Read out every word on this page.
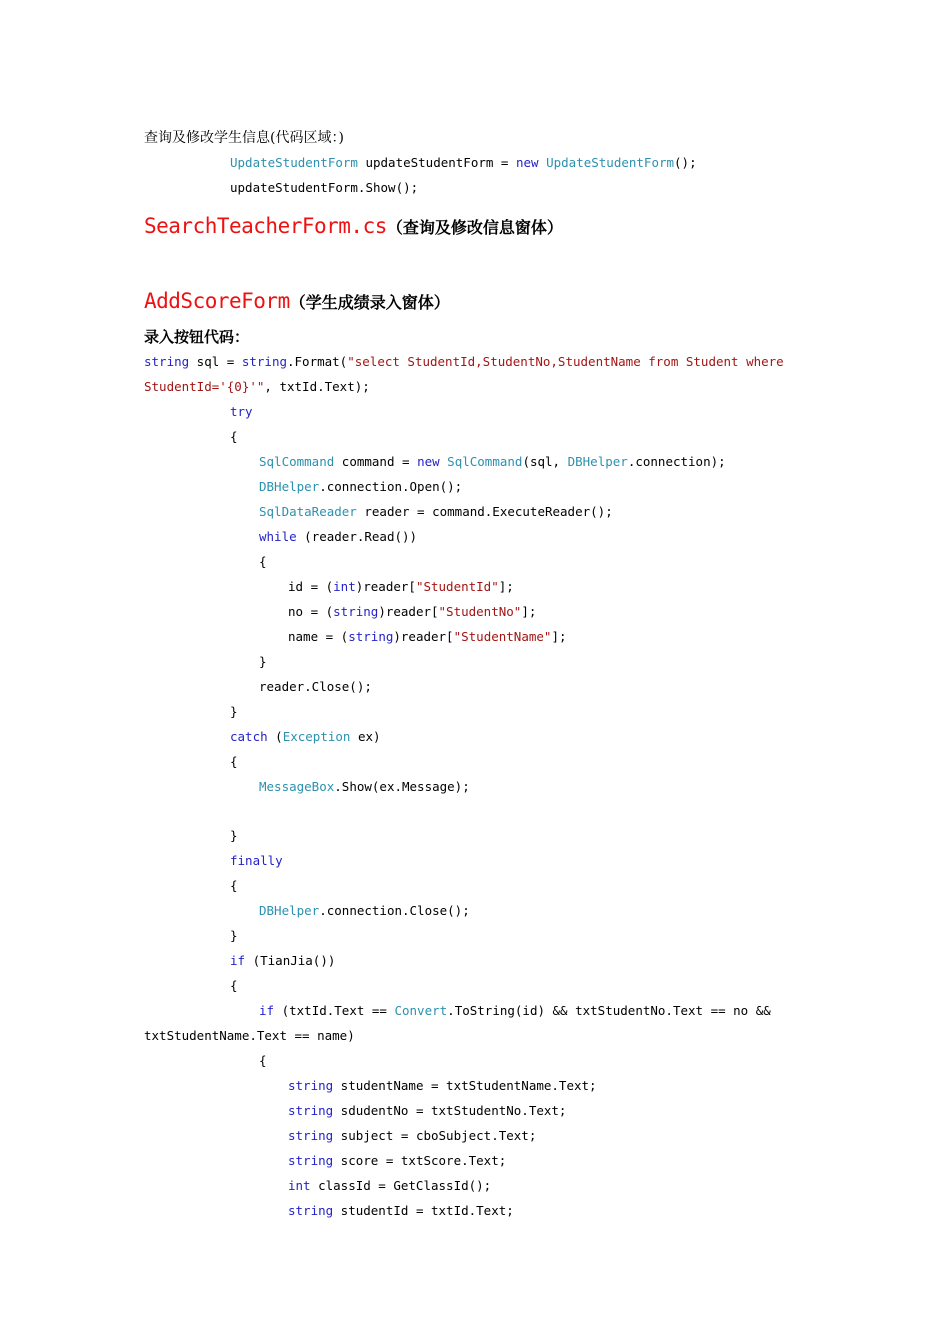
查询及修改学生信息(代码区域：)
UpdateStudentForm updateStudentForm = new UpdateStudentForm();
updateStudentForm.Show();
SearchTeacherForm.cs（查询及修改信息窗体）
AddScoreForm（学生成绩录入窗体）
录入按钮代码：
string sql = string.Format("select StudentId,StudentNo,StudentName from Student where
StudentId='{0}'", txtId.Text);
try
{
SqlCommand command = new SqlCommand(sql, DBHelper.connection);
DBHelper.connection.Open();
SqlDataReader reader = command.ExecuteReader();
while (reader.Read())
{
id = (int)reader["StudentId"];
no = (string)reader["StudentNo"];
name = (string)reader["StudentName"];
}
reader.Close();
}
catch (Exception ex)
{
MessageBox.Show(ex.Message);
}
finally
{
DBHelper.connection.Close();
}
if (TianJia())
{
if (txtId.Text == Convert.ToString(id) && txtStudentNo.Text == no &&
txtStudentName.Text == name)
{
string studentName = txtStudentName.Text;
string sdudentNo = txtStudentNo.Text;
string subject = cboSubject.Text;
string score = txtScore.Text;
int classId = GetClassId();
string studentId = txtId.Text;
